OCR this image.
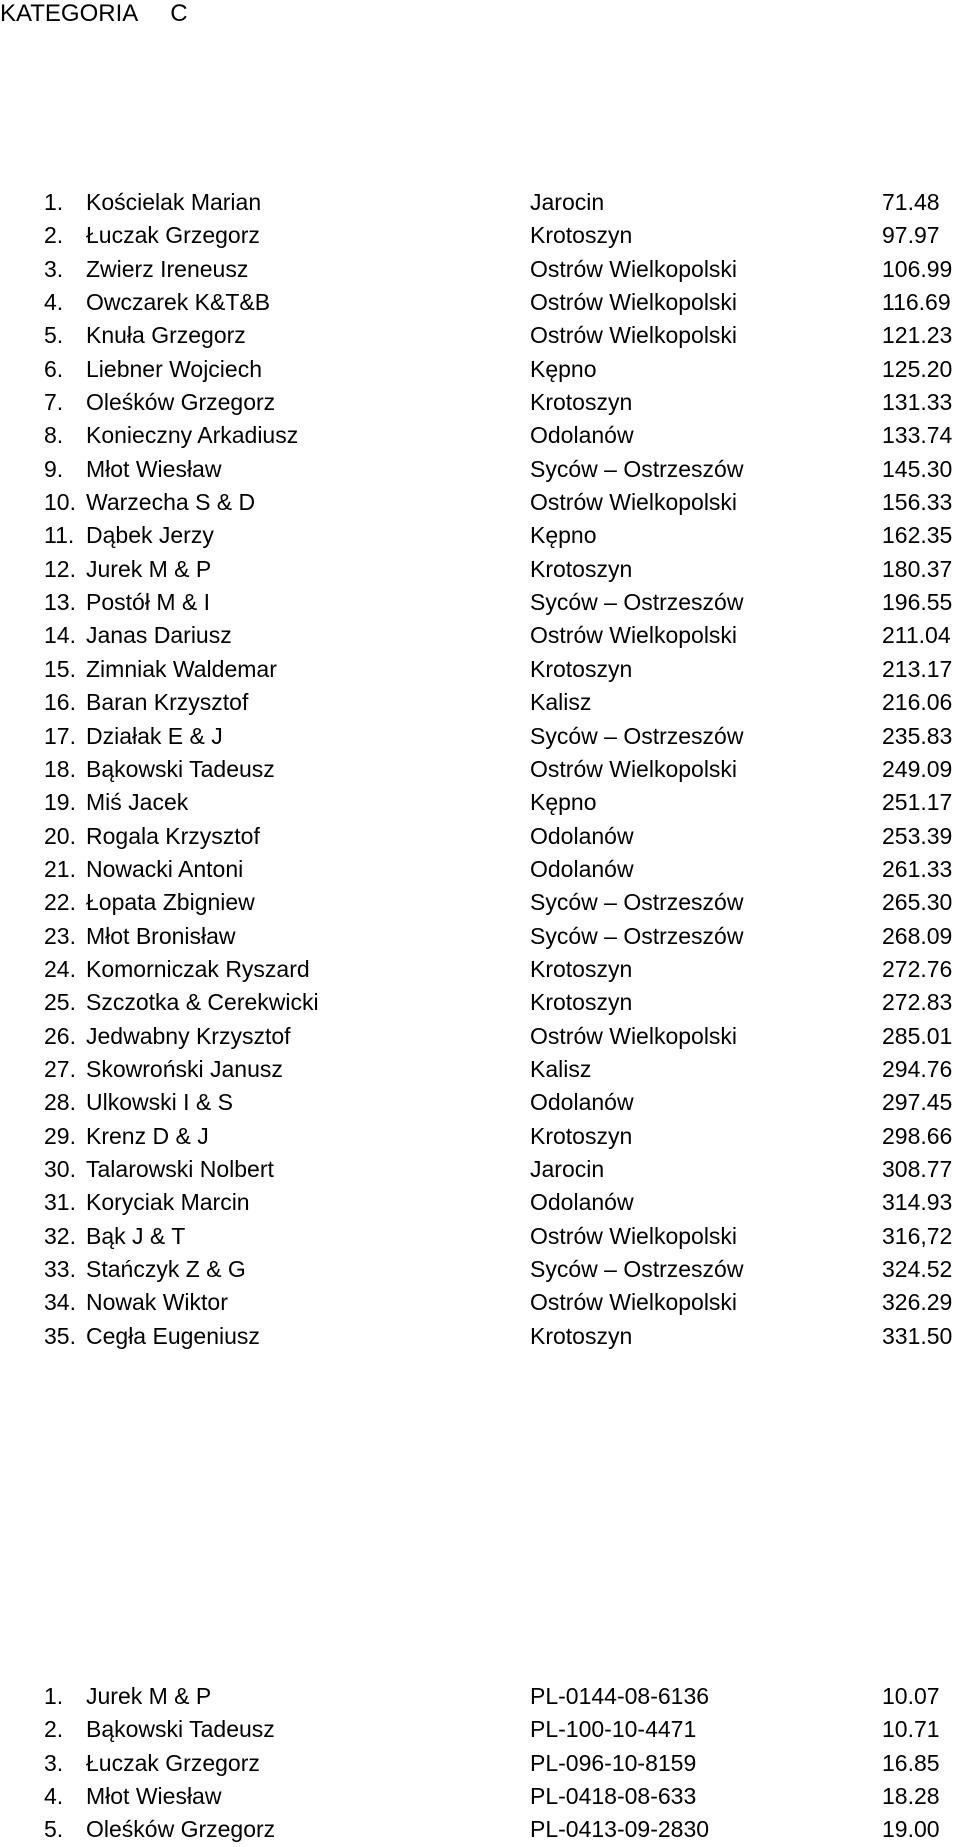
KATEGORIA     C
1. Kościelak Marian	Jarocin	71.48
2. Łuczak Grzegorz	Krotoszyn	97.97
3. Zwierz Ireneusz	Ostrów Wielkopolski	106.99
4. Owczarek K&T&B	Ostrów Wielkopolski	116.69
5. Knuła Grzegorz	Ostrów Wielkopolski	121.23
6. Liebner Wojciech	Kępno	125.20
7. Oleśków Grzegorz	Krotoszyn	131.33
8. Konieczny Arkadiusz	Odolanów	133.74
9. Młot Wiesław	Syców – Ostrzeszów	145.30
10. Warzecha S & D	Ostrów Wielkopolski	156.33
11. Dąbek Jerzy	Kępno	162.35
12. Jurek M & P	Krotoszyn	180.37
13. Postół M & I	Syców – Ostrzeszów	196.55
14. Janas Dariusz	Ostrów Wielkopolski	211.04
15. Zimniak Waldemar	Krotoszyn	213.17
16. Baran Krzysztof	Kalisz	216.06
17. Działak E & J	Syców – Ostrzeszów	235.83
18. Bąkowski Tadeusz	Ostrów Wielkopolski	249.09
19. Miś Jacek	Kępno	251.17
20. Rogala Krzysztof	Odolanów	253.39
21. Nowacki Antoni	Odolanów	261.33
22. Łopata Zbigniew	Syców – Ostrzeszów	265.30
23. Młot Bronisław	Syców – Ostrzeszów	268.09
24. Komorniczak Ryszard	Krotoszyn	272.76
25. Szczotka & Cerekwicki	Krotoszyn	272.83
26. Jedwabny Krzysztof	Ostrów Wielkopolski	285.01
27. Skowroński Janusz	Kalisz	294.76
28. Ulkowski I & S	Odolanów	297.45
29. Krenz D & J	Krotoszyn	298.66
30. Talarowski Nolbert	Jarocin	308.77
31. Koryciak Marcin	Odolanów	314.93
32. Bąk J & T	Ostrów Wielkopolski	316,72
33. Stańczyk Z & G	Syców – Ostrzeszów	324.52
34. Nowak Wiktor	Ostrów Wielkopolski	326.29
35. Cegła Eugeniusz	Krotoszyn	331.50
1. Jurek M & P	PL-0144-08-6136	10.07
2. Bąkowski Tadeusz	PL-100-10-4471	10.71
3. Łuczak Grzegorz	PL-096-10-8159	16.85
4. Młot Wiesław	PL-0418-08-633	18.28
5. Oleśków Grzegorz	PL-0413-09-2830	19.00
